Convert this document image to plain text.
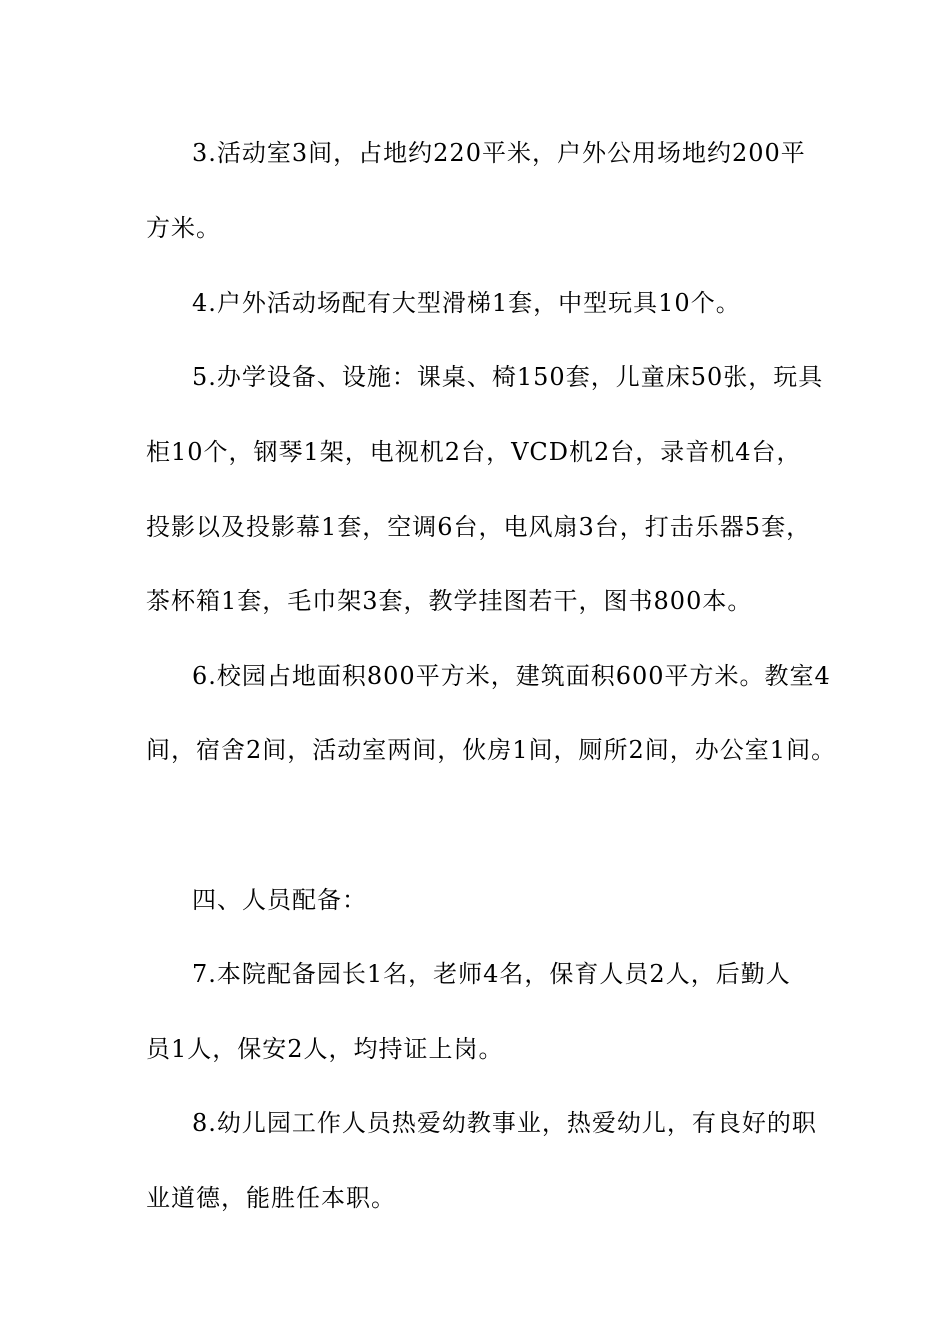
3.活动室3间，占地约220平米，户外公用场地约200平
方米。
4.户外活动场配有大型滑梯1套，中型玩具10个。
5.办学设备、设施：课桌、椅150套，儿童床50张，玩具
柜10个，钢琴1架，电视机2台，VCD机2台，录音机4台，
投影以及投影幕1套，空调6台，电风扇3台，打击乐器5套，
茶杯箱1套，毛巾架3套，教学挂图若干，图书800本。
6.校园占地面积800平方米，建筑面积600平方米。教室4
间，宿舍2间，活动室两间，伙房1间，厕所2间，办公室1间。
四、人员配备：
7.本院配备园长1名，老师4名，保育人员2人，后勤人
员1人，保安2人，均持证上岗。
8.幼儿园工作人员热爱幼教事业，热爱幼儿，有良好的职
业道德，能胜任本职。
